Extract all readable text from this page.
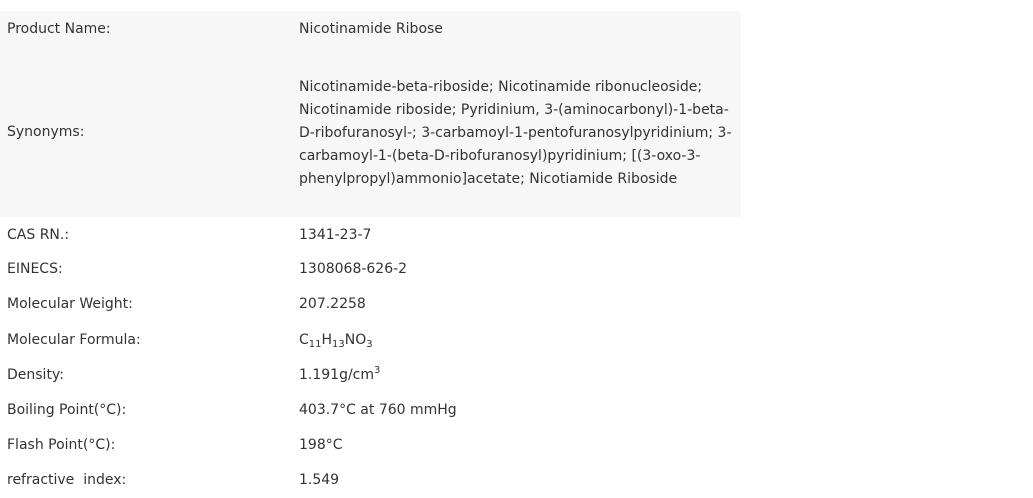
Product Name:	Nicotinamide Ribose
Synonyms:
Nicotinamide-beta-riboside; Nicotinamide ribonucleoside;
Nicotinamide riboside; Pyridinium, 3-(aminocarbonyl)-1-beta-
D-ribofuranosyl-; 3-carbamoyl-1-pentofuranosylpyridinium; 3-
carbamoyl-1-(beta-D-ribofuranosyl)pyridinium; [(3-oxo-3-
phenylpropyl)ammonio]acetate; Nicotiamide Riboside
CAS RN.:	1341-23-7
EINECS:	1308068-626-2
Molecular Weight:	207.2258
Molecular Formula:	$C_{11}H_{13}NO_3$
Density:	$1.191g/cm^3$
Boiling Point(°C):	403.7°C at 760 mmHg
Flash Point(°C):	198°C
refractive  index:	1.549
